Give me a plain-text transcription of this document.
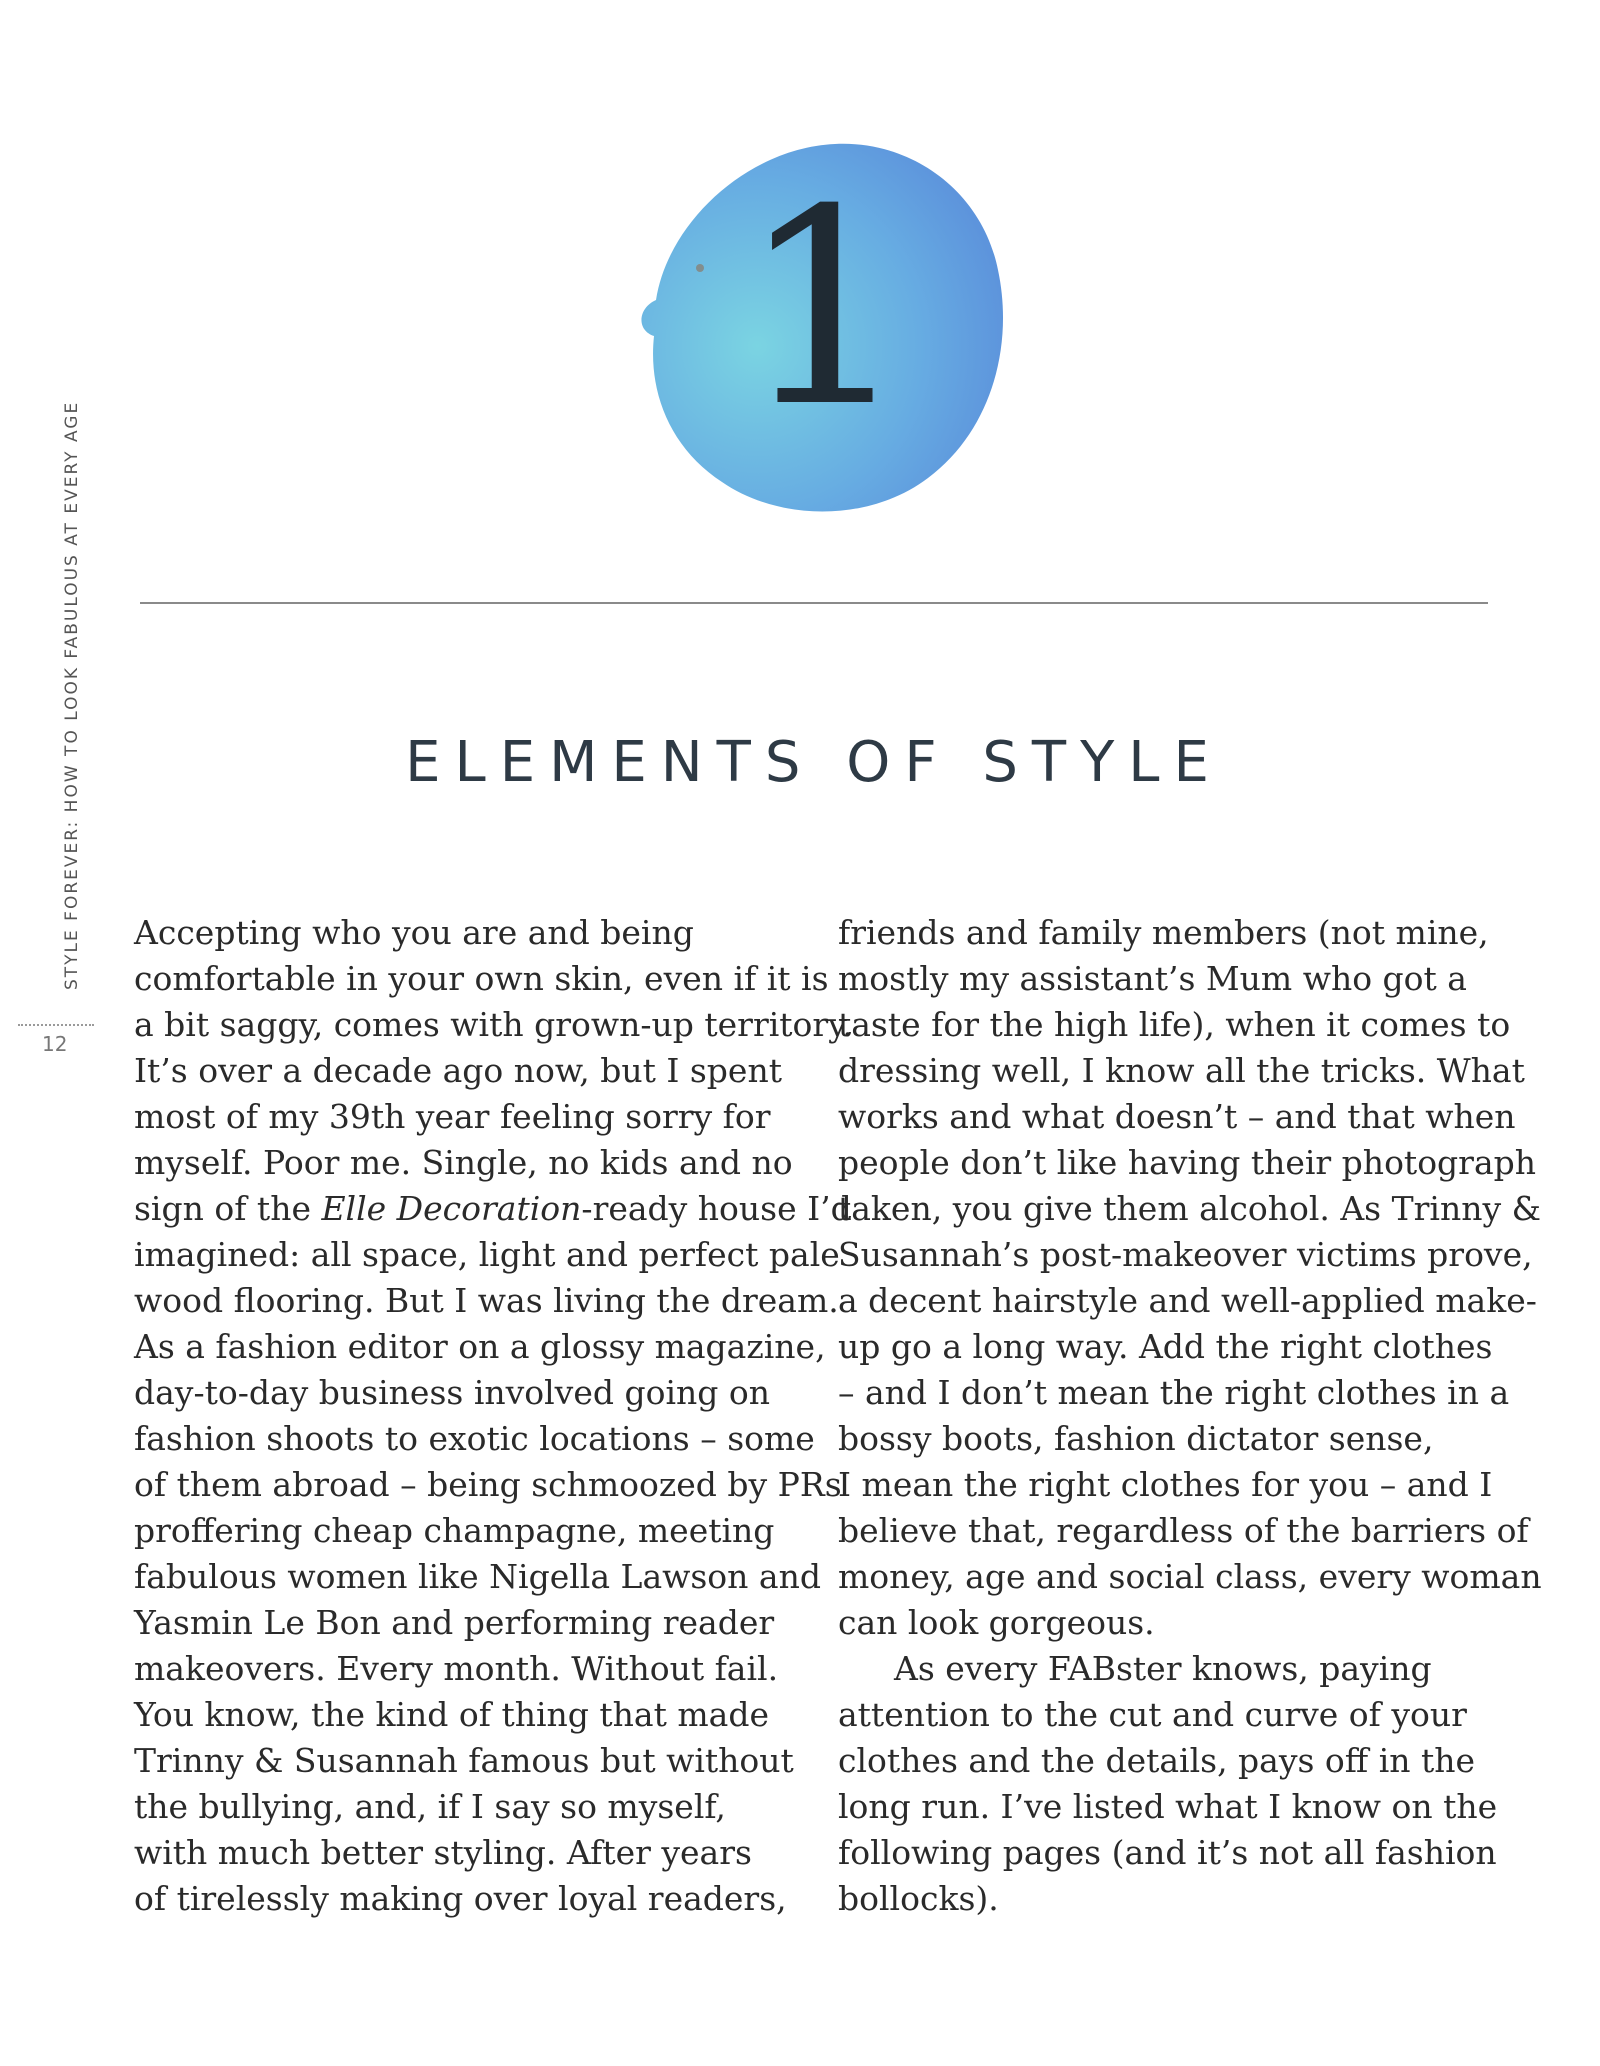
STYLE FOREVER: HOW TO LOOK FABULOUS AT EVERY AGE
12
1
ELEMENTS OF STYLE
Accepting who you are and being
comfortable in your own skin, even if it is
a bit saggy, comes with grown-up territory.
It’s over a decade ago now, but I spent
most of my 39th year feeling sorry for
myself. Poor me. Single, no kids and no
sign of the Elle Decoration-ready house I’d
imagined: all space, light and perfect pale
wood flooring. But I was living the dream.
As a fashion editor on a glossy magazine,
day-to-day business involved going on
fashion shoots to exotic locations – some
of them abroad – being schmoozed by PRs
proffering cheap champagne, meeting
fabulous women like Nigella Lawson and
Yasmin Le Bon and performing reader
makeovers. Every month. Without fail.
You know, the kind of thing that made
Trinny & Susannah famous but without
the bullying, and, if I say so myself,
with much better styling. After years
of tirelessly making over loyal readers,
friends and family members (not mine,
mostly my assistant’s Mum who got a
taste for the high life), when it comes to
dressing well, I know all the tricks. What
works and what doesn’t – and that when
people don’t like having their photograph
taken, you give them alcohol. As Trinny &
Susannah’s post-makeover victims prove,
a decent hairstyle and well-applied make-
up go a long way. Add the right clothes
– and I don’t mean the right clothes in a
bossy boots, fashion dictator sense,
I mean the right clothes for you – and I
believe that, regardless of the barriers of
money, age and social class, every woman
can look gorgeous.
As every FABster knows, paying
attention to the cut and curve of your
clothes and the details, pays off in the
long run. I’ve listed what I know on the
following pages (and it’s not all fashion
bollocks).
